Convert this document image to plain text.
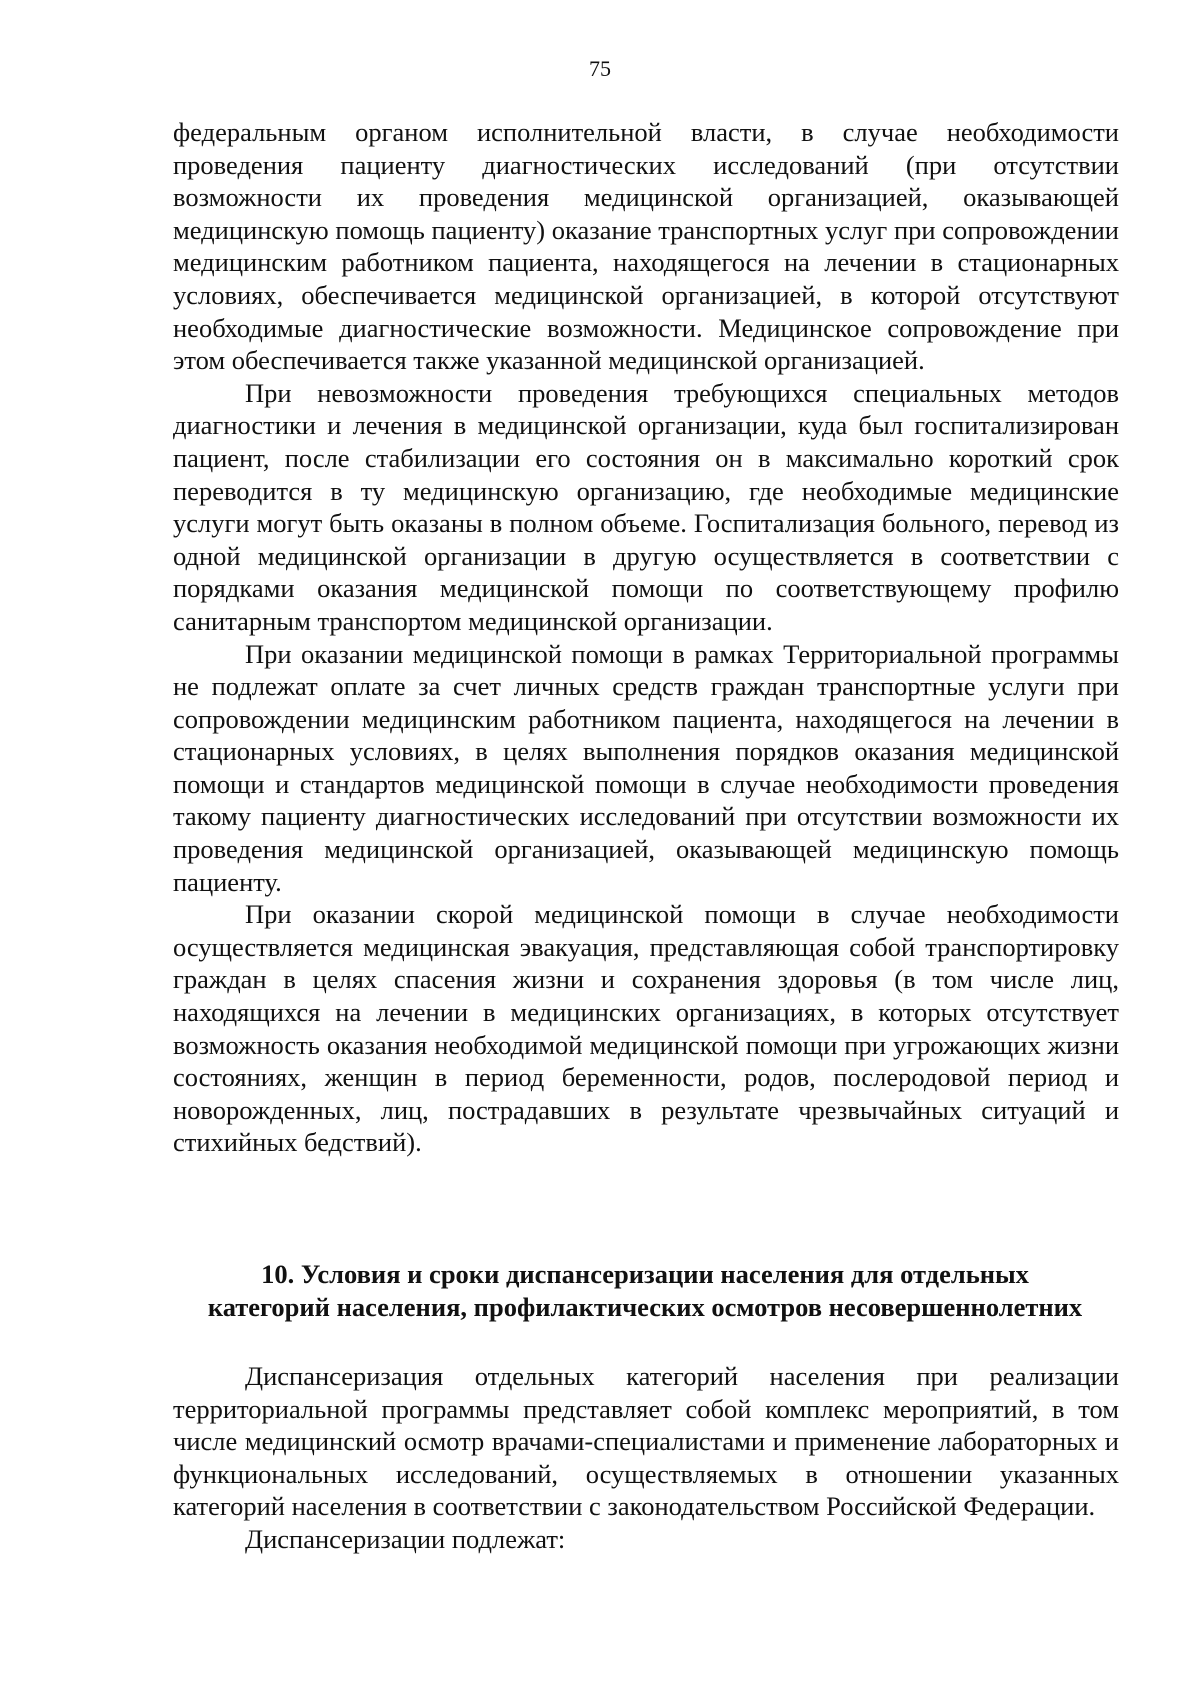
75

федеральным органом исполнительной власти, в случае необходимости проведения пациенту диагностических исследований (при отсутствии возможности их проведения медицинской организацией, оказывающей медицинскую помощь пациенту) оказание транспортных услуг при сопровождении медицинским работником пациента, находящегося на лечении в стационарных условиях, обеспечивается медицинской организацией, в которой отсутствуют необходимые диагностические возможности. Медицинское сопровождение при этом обеспечивается также указанной медицинской организацией.

При невозможности проведения требующихся специальных методов диагностики и лечения в медицинской организации, куда был госпитализирован пациент, после стабилизации его состояния он в максимально короткий срок переводится в ту медицинскую организацию, где необходимые медицинские услуги могут быть оказаны в полном объеме. Госпитализация больного, перевод из одной медицинской организации в другую осуществляется в соответствии с порядками оказания медицинской помощи по соответствующему профилю санитарным транспортом медицинской организации.

При оказании медицинской помощи в рамках Территориальной программы не подлежат оплате за счет личных средств граждан транспортные услуги при сопровождении медицинским работником пациента, находящегося на лечении в стационарных условиях, в целях выполнения порядков оказания медицинской помощи и стандартов медицинской помощи в случае необходимости проведения такому пациенту диагностических исследований при отсутствии возможности их проведения медицинской организацией, оказывающей медицинскую помощь пациенту.

При оказании скорой медицинской помощи в случае необходимости осуществляется медицинская эвакуация, представляющая собой транспортировку граждан в целях спасения жизни и сохранения здоровья (в том числе лиц, находящихся на лечении в медицинских организациях, в которых отсутствует возможность оказания необходимой медицинской помощи при угрожающих жизни состояниях, женщин в период беременности, родов, послеродовой период и новорожденных, лиц, пострадавших в результате чрезвычайных ситуаций и стихийных бедствий).

10. Условия и сроки диспансеризации населения для отдельных
категорий населения, профилактических осмотров несовершеннолетних

Диспансеризация отдельных категорий населения при реализации территориальной программы представляет собой комплекс мероприятий, в том числе медицинский осмотр врачами-специалистами и применение лабораторных и функциональных исследований, осуществляемых в отношении указанных категорий населения в соответствии с законодательством Российской Федерации.

Диспансеризации подлежат:
